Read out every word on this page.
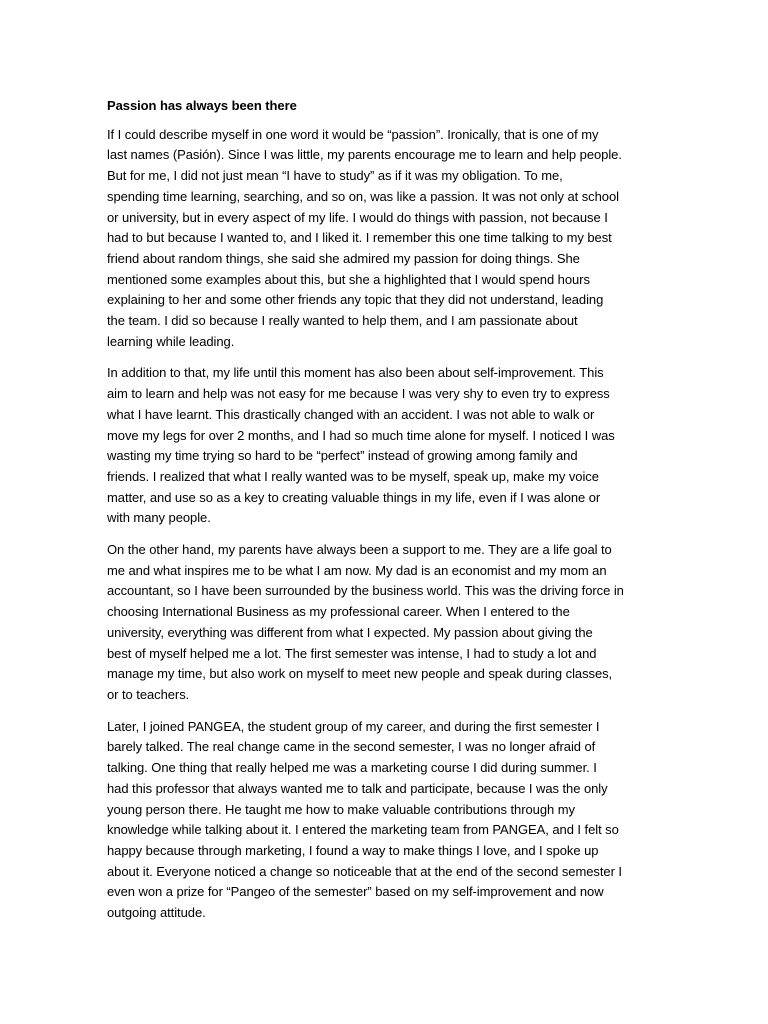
Passion has always been there

If I could describe myself in one word it would be “passion”. Ironically, that is one of my
last names (Pasión). Since I was little, my parents encourage me to learn and help people.
But for me, I did not just mean “I have to study” as if it was my obligation. To me,
spending time learning, searching, and so on, was like a passion. It was not only at school
or university, but in every aspect of my life. I would do things with passion, not because I
had to but because I wanted to, and I liked it. I remember this one time talking to my best
friend about random things, she said she admired my passion for doing things. She
mentioned some examples about this, but she a highlighted that I would spend hours
explaining to her and some other friends any topic that they did not understand, leading
the team. I did so because I really wanted to help them, and I am passionate about
learning while leading.

In addition to that, my life until this moment has also been about self-improvement. This
aim to learn and help was not easy for me because I was very shy to even try to express
what I have learnt. This drastically changed with an accident. I was not able to walk or
move my legs for over 2 months, and I had so much time alone for myself. I noticed I was
wasting my time trying so hard to be “perfect” instead of growing among family and
friends. I realized that what I really wanted was to be myself, speak up, make my voice
matter, and use so as a key to creating valuable things in my life, even if I was alone or
with many people.

On the other hand, my parents have always been a support to me. They are a life goal to
me and what inspires me to be what I am now. My dad is an economist and my mom an
accountant, so I have been surrounded by the business world. This was the driving force in
choosing International Business as my professional career. When I entered to the
university, everything was different from what I expected. My passion about giving the
best of myself helped me a lot. The first semester was intense, I had to study a lot and
manage my time, but also work on myself to meet new people and speak during classes,
or to teachers.

Later, I joined PANGEA, the student group of my career, and during the first semester I
barely talked. The real change came in the second semester, I was no longer afraid of
talking. One thing that really helped me was a marketing course I did during summer. I
had this professor that always wanted me to talk and participate, because I was the only
young person there. He taught me how to make valuable contributions through my
knowledge while talking about it. I entered the marketing team from PANGEA, and I felt so
happy because through marketing, I found a way to make things I love, and I spoke up
about it. Everyone noticed a change so noticeable that at the end of the second semester I
even won a prize for “Pangeo of the semester” based on my self-improvement and now
outgoing attitude.
